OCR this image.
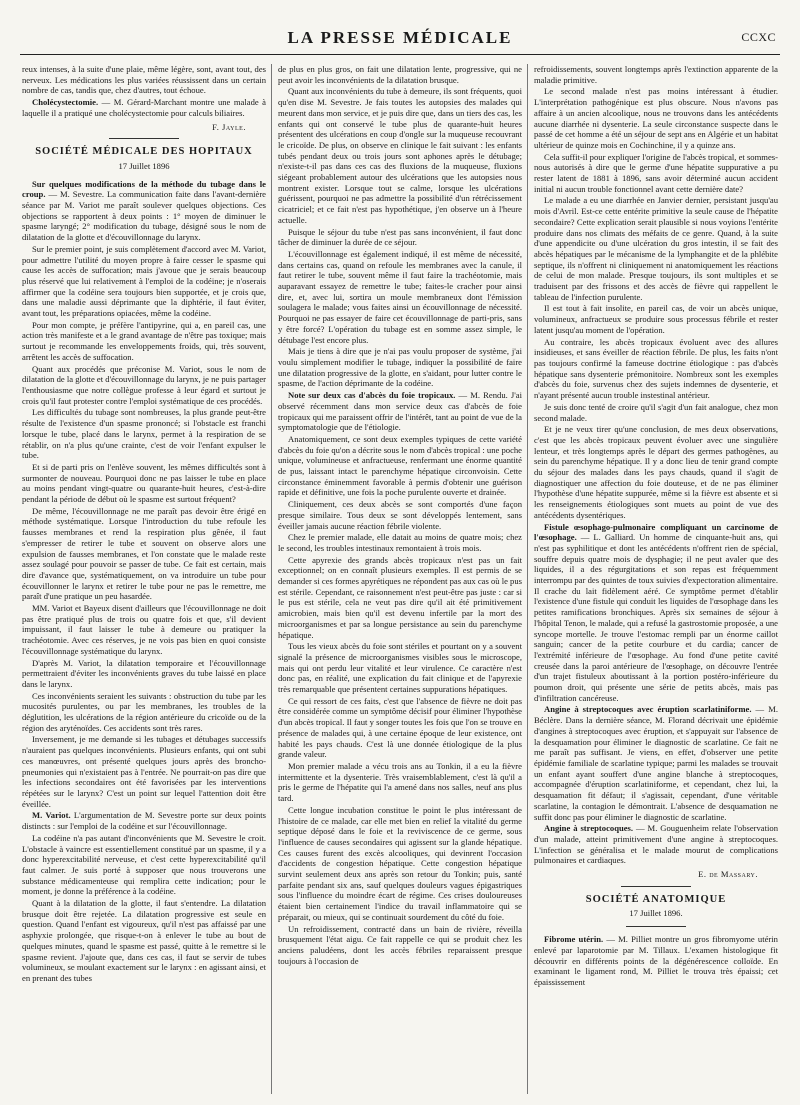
LA PRESSE MÉDICALE	CCXC

reux intenses, à la suite d'une plaie, même légère, sont, avant tout, des nerveux. Les médications les plus variées réussissent dans un certain nombre de cas, tandis que, chez d'autres, tout échoue.

Cholécystectomie. — M. Gérard-Marchant montre une malade à laquelle il a pratiqué une cholécystectomie pour calculs biliaires.

F. Jayle.
SOCIÉTÉ MÉDICALE DES HOPITAUX
17 Juillet 1896

Sur quelques modifications de la méthode du tubage dans le croup. — M. Sevestre. La communication faite dans l'avant-dernière séance par M. Variot me paraît soulever quelques objections. Ces objections se rapportent à deux points : 1° moyen de diminuer le spasme laryngé; 2° modification du tubage, désigné sous le nom de dilatation de la glotte et d'écouvillonnage du larynx.

Sur le premier point, je suis complètement d'accord avec M. Variot, pour admettre l'utilité du moyen propre à faire cesser le spasme qui cause les accès de suffocation; mais j'avoue que je serais beaucoup plus réservé que lui relativement à l'emploi de la codéine; je n'oserais affirmer que la codéine sera toujours bien supportée, et je crois que, dans une maladie aussi déprimante que la diphtérie, il faut éviter, avant tout, les préparations opiacées, même la codéine.

Pour mon compte, je préfère l'antipyrine, qui a, en pareil cas, une action très manifeste et a le grand avantage de n'être pas toxique; mais surtout je recommande les enveloppements froids, qui, très souvent, arrêtent les accès de suffocation.

Quant aux procédés que préconise M. Variot, sous le nom de dilatation de la glotte et d'écouvillonnage du larynx, je ne puis partager l'enthousiasme que notre collègue professe à leur égard et surtout je crois qu'il faut protester contre l'emploi systématique de ces procédés.

Les difficultés du tubage sont nombreuses, la plus grande peut-être résulte de l'existence d'un spasme prononcé; si l'obstacle est franchi lorsque le tube, placé dans le larynx, permet à la respiration de se rétablir, on n'a plus qu'une crainte, c'est de voir l'enfant expulser le tube.

Et si de parti pris on l'enlève souvent, les mêmes difficultés sont à surmonter de nouveau. Pourquoi donc ne pas laisser le tube en place au moins pendant vingt-quatre ou quarante-huit heures, c'est-à-dire pendant la période de début où le spasme est surtout fréquent?

De même, l'écouvillonnage ne me paraît pas devoir être érigé en méthode systématique. Lorsque l'introduction du tube refoule les fausses membranes et rend la respiration plus gênée, il faut s'empresser de retirer le tube et souvent on observe alors une expulsion de fausses membranes, et l'on constate que le malade reste assez soulagé pour pouvoir se passer de tube. Ce fait est certain, mais dire d'avance que, systématiquement, on va introduire un tube pour écouvillonner le larynx et retirer le tube pour ne pas le remettre, me paraît d'une pratique un peu hasardée.

MM. Variot et Bayeux disent d'ailleurs que l'écouvillonnage ne doit pas être pratiqué plus de trois ou quatre fois et que, s'il devient impuissant, il faut laisser le tube à demeure ou pratiquer la trachéotomie. Avec ces réserves, je ne vois pas bien en quoi consiste l'écouvillonnage systématique du larynx.

D'après M. Variot, la dilatation temporaire et l'écouvillonnage permettraient d'éviter les inconvénients graves du tube laissé en place dans le larynx.

Ces inconvénients seraient les suivants : obstruction du tube par les mucosités purulentes, ou par les membranes, les troubles de la déglutition, les ulcérations de la région antérieure du cricoïde ou de la région des aryténoïdes. Ces accidents sont très rares.

Inversement, je me demande si les tubages et détubages successifs n'auraient pas quelques inconvénients. Plusieurs enfants, qui ont subi ces manœuvres, ont présenté quelques jours après des broncho-pneumonies qui n'existaient pas à l'entrée. Ne pourrait-on pas dire que les infections secondaires ont été favorisées par les interventions répétées sur le larynx? C'est un point sur lequel l'attention doit être éveillée.

M. Variot. L'argumentation de M. Sevestre porte sur deux points distincts : sur l'emploi de la codéine et sur l'écouvillonnage.

La codéine n'a pas autant d'inconvénients que M. Sevestre le croit. L'obstacle à vaincre est essentiellement constitué par un spasme, il y a donc hyperexcitabilité nerveuse, et c'est cette hyperexcitabilité qu'il faut calmer. Je suis porté à supposer que nous trouverons une substance médicamenteuse qui remplira cette indication; pour le moment, je donne la préférence à la codéine.

Quant à la dilatation de la glotte, il faut s'entendre. La dilatation brusque doit être rejetée. La dilatation progressive est seule en question. Quand l'enfant est vigoureux, qu'il n'est pas affaissé par une asphyxie prolongée, que risque-t-on à enlever le tube au bout de quelques minutes, quand le spasme est passé, quitte à le remettre si le spasme revient. J'ajoute que, dans ces cas, il faut se servir de tubes volumineux, se moulant exactement sur le larynx : en agissant ainsi, et en prenant des tubes

de plus en plus gros, on fait une dilatation lente, progressive, qui ne peut avoir les inconvénients de la dilatation brusque.

Quant aux inconvénients du tube à demeure, ils sont fréquents, quoi qu'en dise M. Sevestre. Je fais toutes les autopsies des malades qui meurent dans mon service, et je puis dire que, dans un tiers des cas, les enfants qui ont conservé le tube plus de quarante-huit heures présentent des ulcérations en coup d'ongle sur la muqueuse recouvrant le cricoïde. De plus, on observe en clinique le fait suivant : les enfants tubés pendant deux ou trois jours sont aphones après le détubage; n'existe-t-il pas dans ces cas des fluxions de la muqueuse, fluxions siégeant probablement autour des ulcérations que les autopsies nous montrent exister. Lorsque tout se calme, lorsque les ulcérations guérissent, pourquoi ne pas admettre la possibilité d'un rétrécissement cicatriciel; et ce fait n'est pas hypothétique, j'en observe un à l'heure actuelle.

Puisque le séjour du tube n'est pas sans inconvénient, il faut donc tâcher de diminuer la durée de ce séjour.

L'écouvillonnage est également indiqué, il est même de nécessité, dans certains cas, quand on refoule les membranes avec la canule, il faut retirer le tube, souvent même il faut faire la trachéotomie, mais auparavant essayez de remettre le tube; faites-le cracher pour ainsi dire, et, avec lui, sortira un moule membraneux dont l'émission soulagera le malade; vous faites ainsi un écouvillonnage de nécessité. Pourquoi ne pas essayer de faire cet écouvillonnage de parti-pris, sans y être forcé? L'opération du tubage est en somme assez simple, le détubage l'est encore plus.

Mais je tiens à dire que je n'ai pas voulu proposer de système, j'ai voulu simplement modifier le tubage, indiquer la possibilité de faire une dilatation progressive de la glotte, en s'aidant, pour lutter contre le spasme, de l'action déprimante de la codéine.

Note sur deux cas d'abcès du foie tropicaux. — M. Rendu. J'ai observé récemment dans mon service deux cas d'abcès de foie tropicaux qui me paraissent offrir de l'intérêt, tant au point de vue de la symptomatologie que de l'étiologie.

Anatomiquement, ce sont deux exemples typiques de cette variété d'abcès du foie qu'on a décrite sous le nom d'abcès tropical : une poche unique, volumineuse et anfractueuse, renfermant une énorme quantité de pus, laissant intact le parenchyme hépatique circonvoisin. Cette circonstance éminemment favorable à permis d'obtenir une guérison rapide et définitive, une fois la poche purulente ouverte et drainée.

Cliniquement, ces deux abcès se sont comportés d'une façon presque similaire. Tous deux se sont développés lentement, sans éveiller jamais aucune réaction fébrile violente.

Chez le premier malade, elle datait au moins de quatre mois; chez le second, les troubles intestinaux remontaient à trois mois.

Cette apyrexie des grands abcès tropicaux n'est pas un fait exceptionnel; on en connaît plusieurs exemples. Il est permis de se demander si ces formes apyrétiques ne répondent pas aux cas où le pus est stérile. Cependant, ce raisonnement n'est peut-être pas juste : car si le pus est stérile, cela ne veut pas dire qu'il ait été primitivement amicrobien, mais bien qu'il est devenu infertile par la mort des microorganismes et par sa longue persistance au sein du parenchyme hépatique.

Tous les vieux abcès du foie sont stériles et pourtant on y a souvent signalé la présence de microorganismes visibles sous le microscope, mais qui ont perdu leur vitalité et leur virulence. Ce caractère n'est donc pas, en réalité, une explication du fait clinique et de l'apyrexie très remarquable que présentent certaines suppurations hépatiques.

Ce qui ressort de ces faits, c'est que l'absence de fièvre ne doit pas être considérée comme un symptôme décisif pour éliminer l'hypothèse d'un abcès tropical. Il faut y songer toutes les fois que l'on se trouve en présence de malades qui, à une certaine époque de leur existence, ont habité les pays chauds. C'est là une donnée étiologique de la plus grande valeur.

Mon premier malade a vécu trois ans au Tonkin, il a eu la fièvre intermittente et la dysenterie. Très vraisemblablement, c'est là qu'il a pris le germe de l'hépatite qui l'a amené dans nos salles, neuf ans plus tard.

Cette longue incubation constitue le point le plus intéressant de l'histoire de ce malade, car elle met bien en relief la vitalité du germe septique déposé dans le foie et la reviviscence de ce germe, sous l'influence de causes secondaires qui agissent sur la glande hépatique. Ces causes furent des excès alcooliques, qui devinrent l'occasion d'accidents de congestion hépatique. Cette congestion hépatique survint seulement deux ans après son retour du Tonkin; puis, santé parfaite pendant six ans, sauf quelques douleurs vagues épigastriques sous l'influence du moindre écart de régime. Ces crises douloureuses étaient bien certainement l'indice du travail inflammatoire qui se préparait, ou mieux, qui se continuait sourdement du côté du foie.

Un refroidissement, contracté dans un bain de rivière, réveilla brusquement l'état aigu. Ce fait rappelle ce qui se produit chez les anciens paludéens, dont les accès fébriles reparaissent presque toujours à l'occasion de

refroidissements, souvent longtemps après l'extinction apparente de la maladie primitive.

Le second malade n'est pas moins intéressant à étudier. L'interprétation pathogénique est plus obscure. Nous n'avons pas affaire à un ancien alcoolique, nous ne trouvons dans les antécédents aucune diarrhée ni dysenterie. La seule circonstance suspecte dans le passé de cet homme a été un séjour de sept ans en Algérie et un habitat ultérieur de quinze mois en Cochinchine, il y a quinze ans.

Cela suffit-il pour expliquer l'origine de l'abcès tropical, et sommes-nous autorisés à dire que le germe d'une hépatite suppurative a pu rester latent de 1881 à 1896, sans avoir déterminé aucun accident initial ni aucun trouble fonctionnel avant cette dernière date?

Le malade a eu une diarrhée en Janvier dernier, persistant jusqu'au mois d'Avril. Est-ce cette entérite primitive la seule cause de l'hépatite secondaire? Cette explication serait plausible si nous voyions l'entérite produire dans nos climats des méfaits de ce genre. Quand, à la suite d'une appendicite ou d'une ulcération du gros intestin, il se fait des abcès hépatiques par le mécanisme de la lymphangite et de la phlébite septique, ils n'offrent ni cliniquement ni anatomiquement les réactions de celui de mon malade. Presque toujours, ils sont multiples et se traduisent par des frissons et des accès de fièvre qui rappellent le tableau de l'infection purulente.

Il est tout à fait insolite, en pareil cas, de voir un abcès unique, volumineux, anfractueux se produire sous processus fébrile et rester latent jusqu'au moment de l'opération.

Au contraire, les abcès tropicaux évoluent avec des allures insidieuses, et sans éveiller de réaction fébrile. De plus, les faits n'ont pas toujours confirmé la fameuse doctrine étiologique : pas d'abcès hépatique sans dysenterie prémonitoire. Nombreux sont les exemples d'abcès du foie, survenus chez des sujets indemnes de dysenterie, et n'ayant présenté aucun trouble instestinal antérieur.

Je suis donc tenté de croire qu'il s'agit d'un fait analogue, chez mon second malade.

Et je ne veux tirer qu'une conclusion, de mes deux observations, c'est que les abcès tropicaux peuvent évoluer avec une singulière lenteur, et très longtemps après le départ des germes pathogènes, au sein du parenchyme hépatique. Il y a donc lieu de tenir grand compte du séjour des malades dans les pays chauds, quand il s'agit de diagnostiquer une affection du foie douteuse, et de ne pas éliminer l'hypothèse d'une hépatite suppurée, même si la fièvre est absente et si les renseignements étiologiques sont muets au point de vue des antécédents dysentériques.

Fistule œsophago-pulmonaire compliquant un carcinome de l'œsophage. — L. Galliard. Un homme de cinquante-huit ans, qui n'est pas syphilitique et dont les antécédents n'offrent rien de spécial, souffre depuis quatre mois de dysphagie; il ne peut avaler que des liquides, il a des régurgitations et son repas est fréquemment interrompu par des quintes de toux suivies d'expectoration alimentaire. Il crache du lait fidèlement aéré. Ce symptôme permet d'établir l'existence d'une fistule qui conduit les liquides de l'œsophage dans les petites ramifications bronchiques. Après six semaines de séjour à l'hôpital Tenon, le malade, qui a refusé la gastrostomie proposée, a une syncope mortelle. Je trouve l'estomac rempli par un énorme caillot sanguin; cancer de la petite courbure et du cardia; cancer de l'extrémité inférieure de l'œsophage. Au fond d'une petite cavité creusée dans la paroi antérieure de l'œsophage, on découvre l'entrée d'un trajet fistuleux aboutissant à la portion postéro-inférieure du poumon droit, qui présente une série de petits abcès, mais pas d'infiltration cancéreuse.

Angine à streptocoques avec éruption scarlatiniforme. — M. Béclère. Dans la dernière séance, M. Florand décrivait une épidémie d'angines à streptocoques avec éruption, et s'appuyait sur l'absence de la desquamation pour éliminer le diagnostic de scarlatine. Ce fait ne me paraît pas suffisant. Je viens, en effet, d'observer une petite épidémie familiale de scarlatine typique; parmi les malades se trouvait un enfant ayant souffert d'une angine blanche à streptocoques, accompagnée d'éruption scarlatiniforme, et cependant, chez lui, la desquamation fit défaut; il s'agissait, cependant, d'une véritable scarlatine, la contagion le démontrait. L'absence de desquamation ne suffit donc pas pour éliminer le diagnostic de scarlatine.

Angine à streptocoques. — M. Gouguenheim relate l'observation d'un malade, atteint primitivement d'une angine à streptocoques. L'infection se généralisa et le malade mourut de complications pulmonaires et cardiaques.

E. de Massary.
SOCIÉTÉ ANATOMIQUE
17 Juillet 1896.

Fibrome utérin. — M. Pilliet montre un gros fibromyome utérin enlevé par laparotomie par M. Tillaux. L'examen histologique fit découvrir en différents points de la dégénérescence colloïde. En examinant le ligament rond, M. Pilliet le trouva très épaissi; cet épaississement
